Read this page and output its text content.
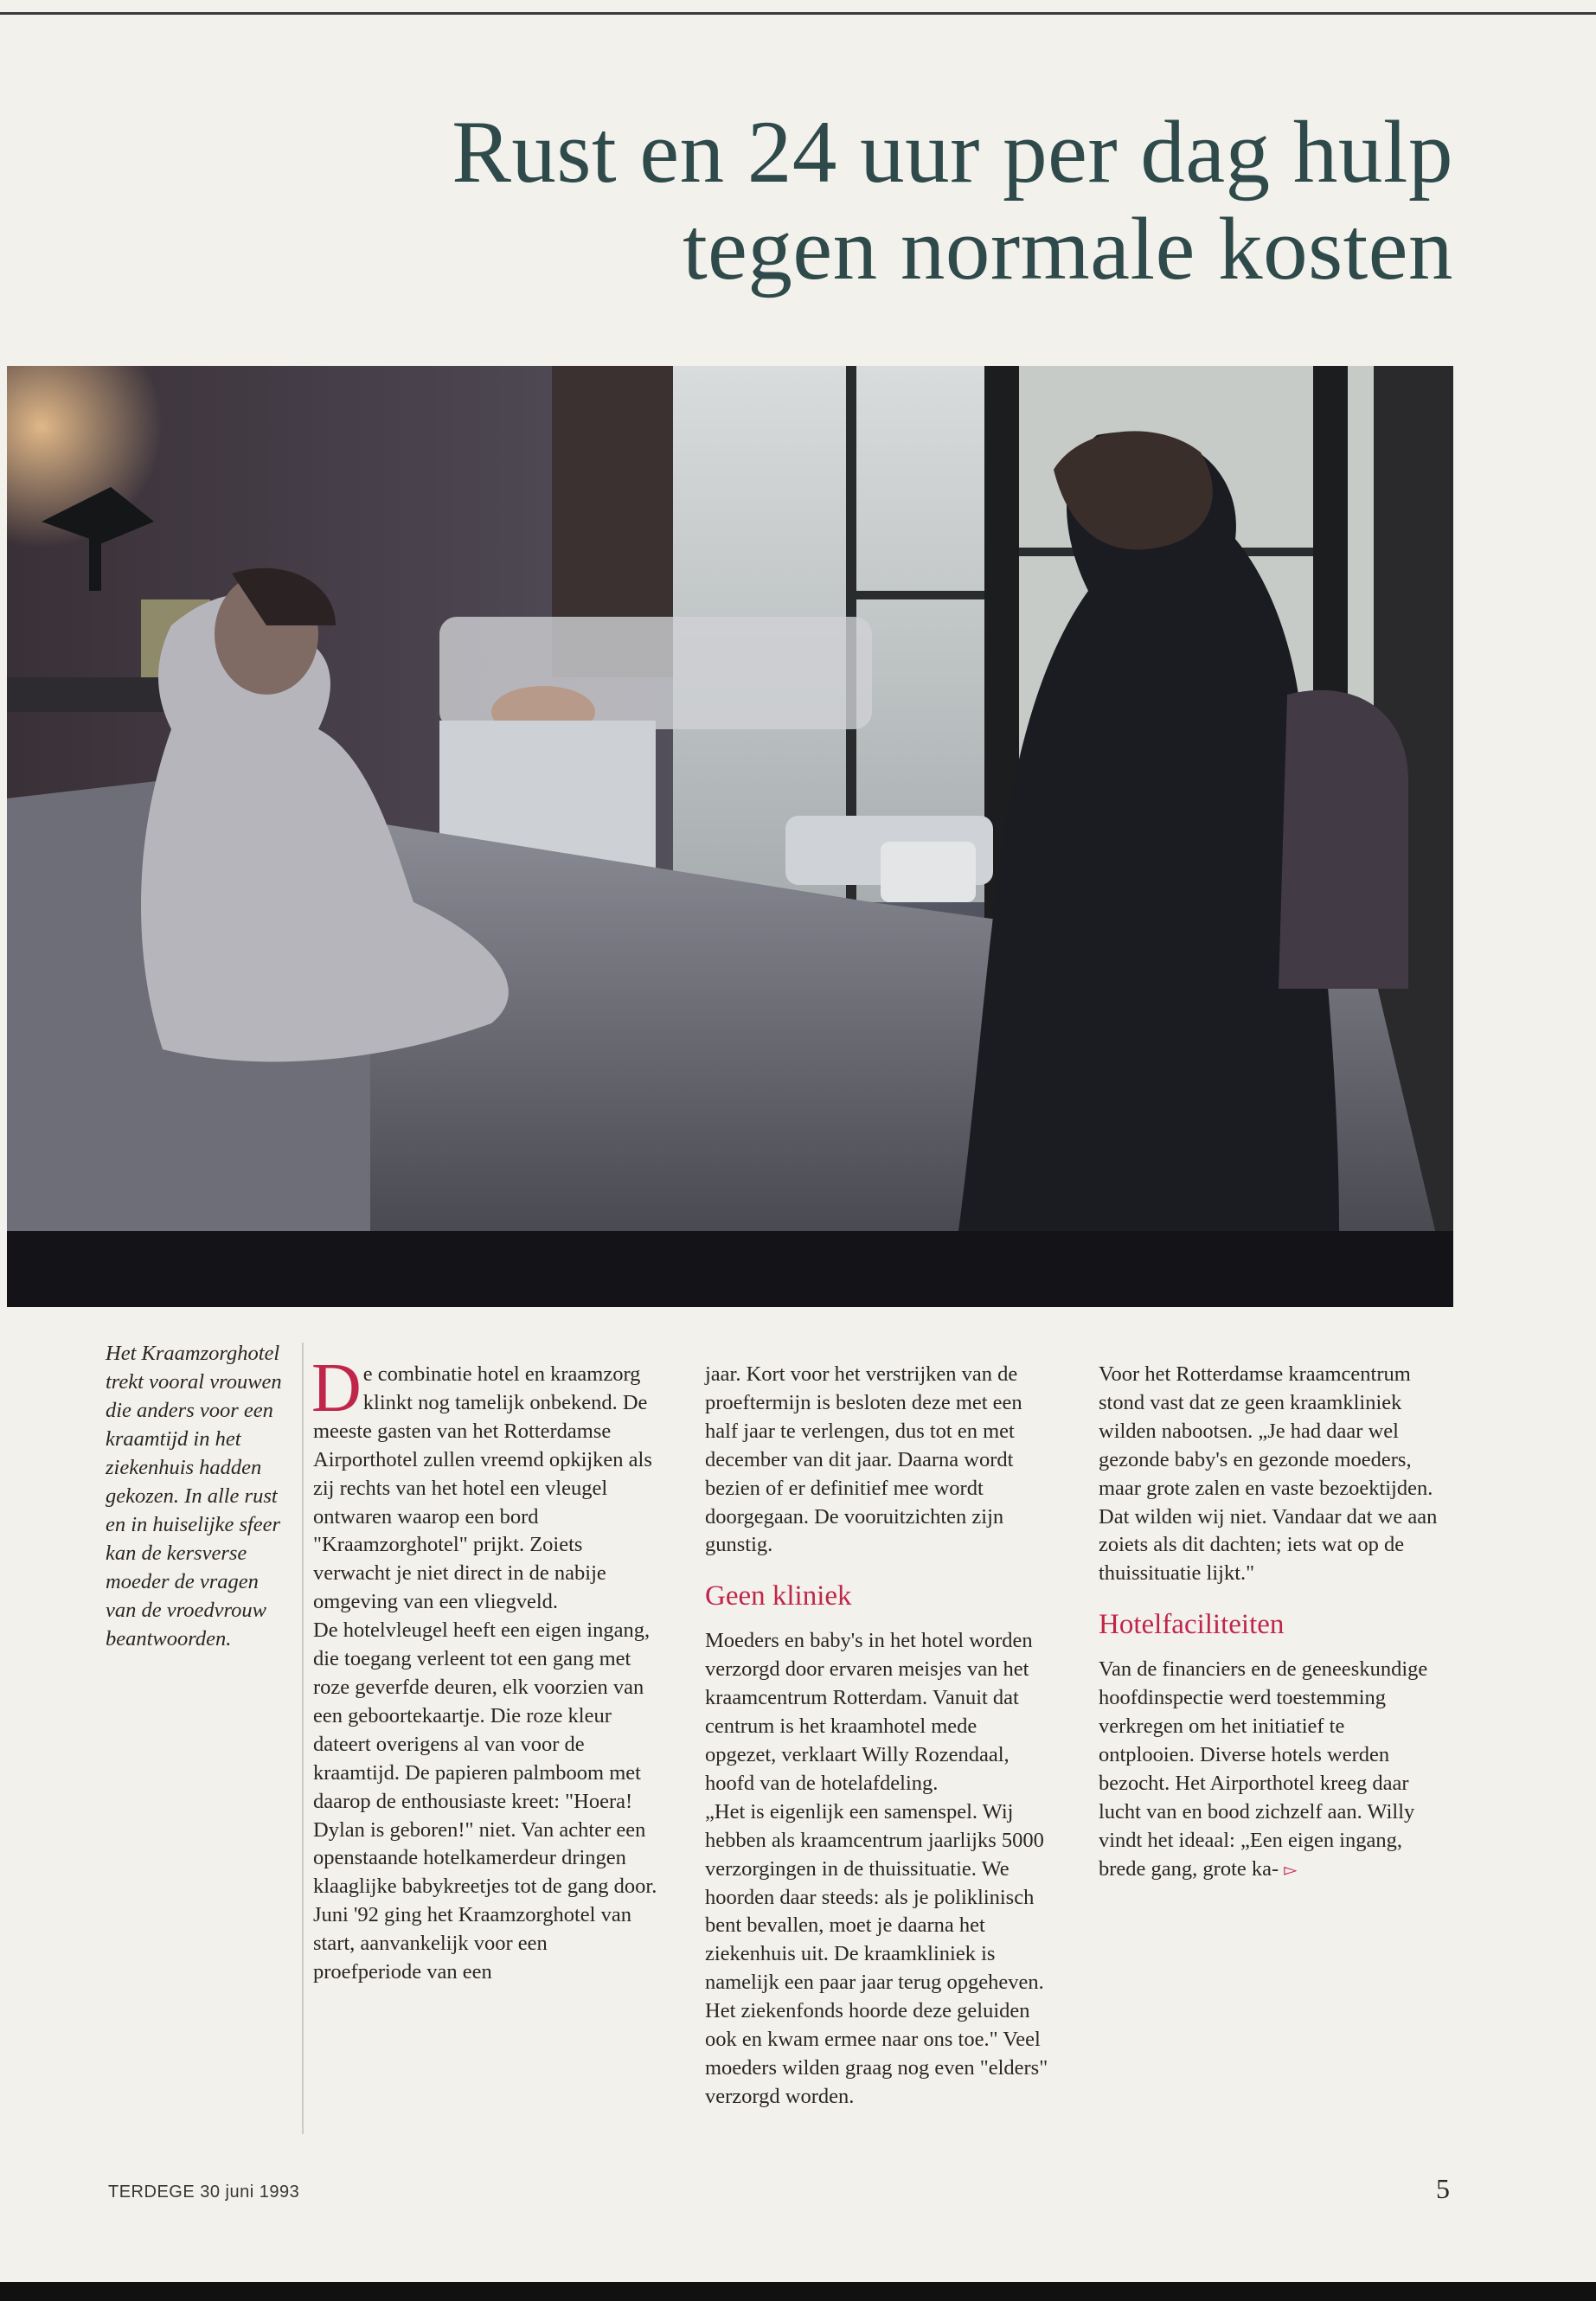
Rust en 24 uur per dag hulp
tegen normale kosten
Het Kraamzorghotel trekt vooral vrouwen die anders voor een kraamtijd in het ziekenhuis hadden gekozen. In alle rust en in huiselijke sfeer kan de kersverse moeder de vragen van de vroedvrouw beantwoorden.

De combinatie hotel en kraamzorg klinkt nog tamelijk onbekend. De meeste gasten van het Rotterdamse Airporthotel zullen vreemd opkijken als zij rechts van het hotel een vleugel ontwaren waarop een bord "Kraamzorghotel" prijkt. Zoiets verwacht je niet direct in de nabije omgeving van een vliegveld.

De hotelvleugel heeft een eigen ingang, die toegang verleent tot een gang met roze geverfde deuren, elk voorzien van een geboortekaartje. Die roze kleur dateert overigens al van voor de kraamtijd. De papieren palmboom met daarop de enthousiaste kreet: "Hoera! Dylan is geboren!" niet. Van achter een openstaande hotelkamerdeur dringen klaaglijke babykreetjes tot de gang door.

Juni '92 ging het Kraamzorghotel van start, aanvankelijk voor een proefperiode van een

jaar. Kort voor het verstrijken van de proeftermijn is besloten deze met een half jaar te verlengen, dus tot en met december van dit jaar. Daarna wordt bezien of er definitief mee wordt doorgegaan. De vooruitzichten zijn gunstig.

Geen kliniek

Moeders en baby's in het hotel worden verzorgd door ervaren meisjes van het kraamcentrum Rotterdam. Vanuit dat centrum is het kraamhotel mede opgezet, verklaart Willy Rozendaal, hoofd van de hotelafdeling.

„Het is eigenlijk een samenspel. Wij hebben als kraamcentrum jaarlijks 5000 verzorgingen in de thuissituatie. We hoorden daar steeds: als je poliklinisch bent bevallen, moet je daarna het ziekenhuis uit. De kraamkliniek is namelijk een paar jaar terug opgeheven. Het ziekenfonds hoorde deze geluiden ook en kwam ermee naar ons toe." Veel moeders wilden graag nog even "elders" verzorgd worden.

Voor het Rotterdamse kraamcentrum stond vast dat ze geen kraamkliniek wilden nabootsen. „Je had daar wel gezonde baby's en gezonde moeders, maar grote zalen en vaste bezoektijden. Dat wilden wij niet. Vandaar dat we aan zoiets als dit dachten; iets wat op de thuissituatie lijkt."

Hotelfaciliteiten

Van de financiers en de geneeskundige hoofdinspectie werd toestemming verkregen om het initiatief te ontplooien. Diverse hotels werden bezocht. Het Airporthotel kreeg daar lucht van en bood zichzelf aan. Willy vindt het ideaal: „Een eigen ingang, brede gang, grote ka- ▻

TERDEGE 30 juni 1993	5
